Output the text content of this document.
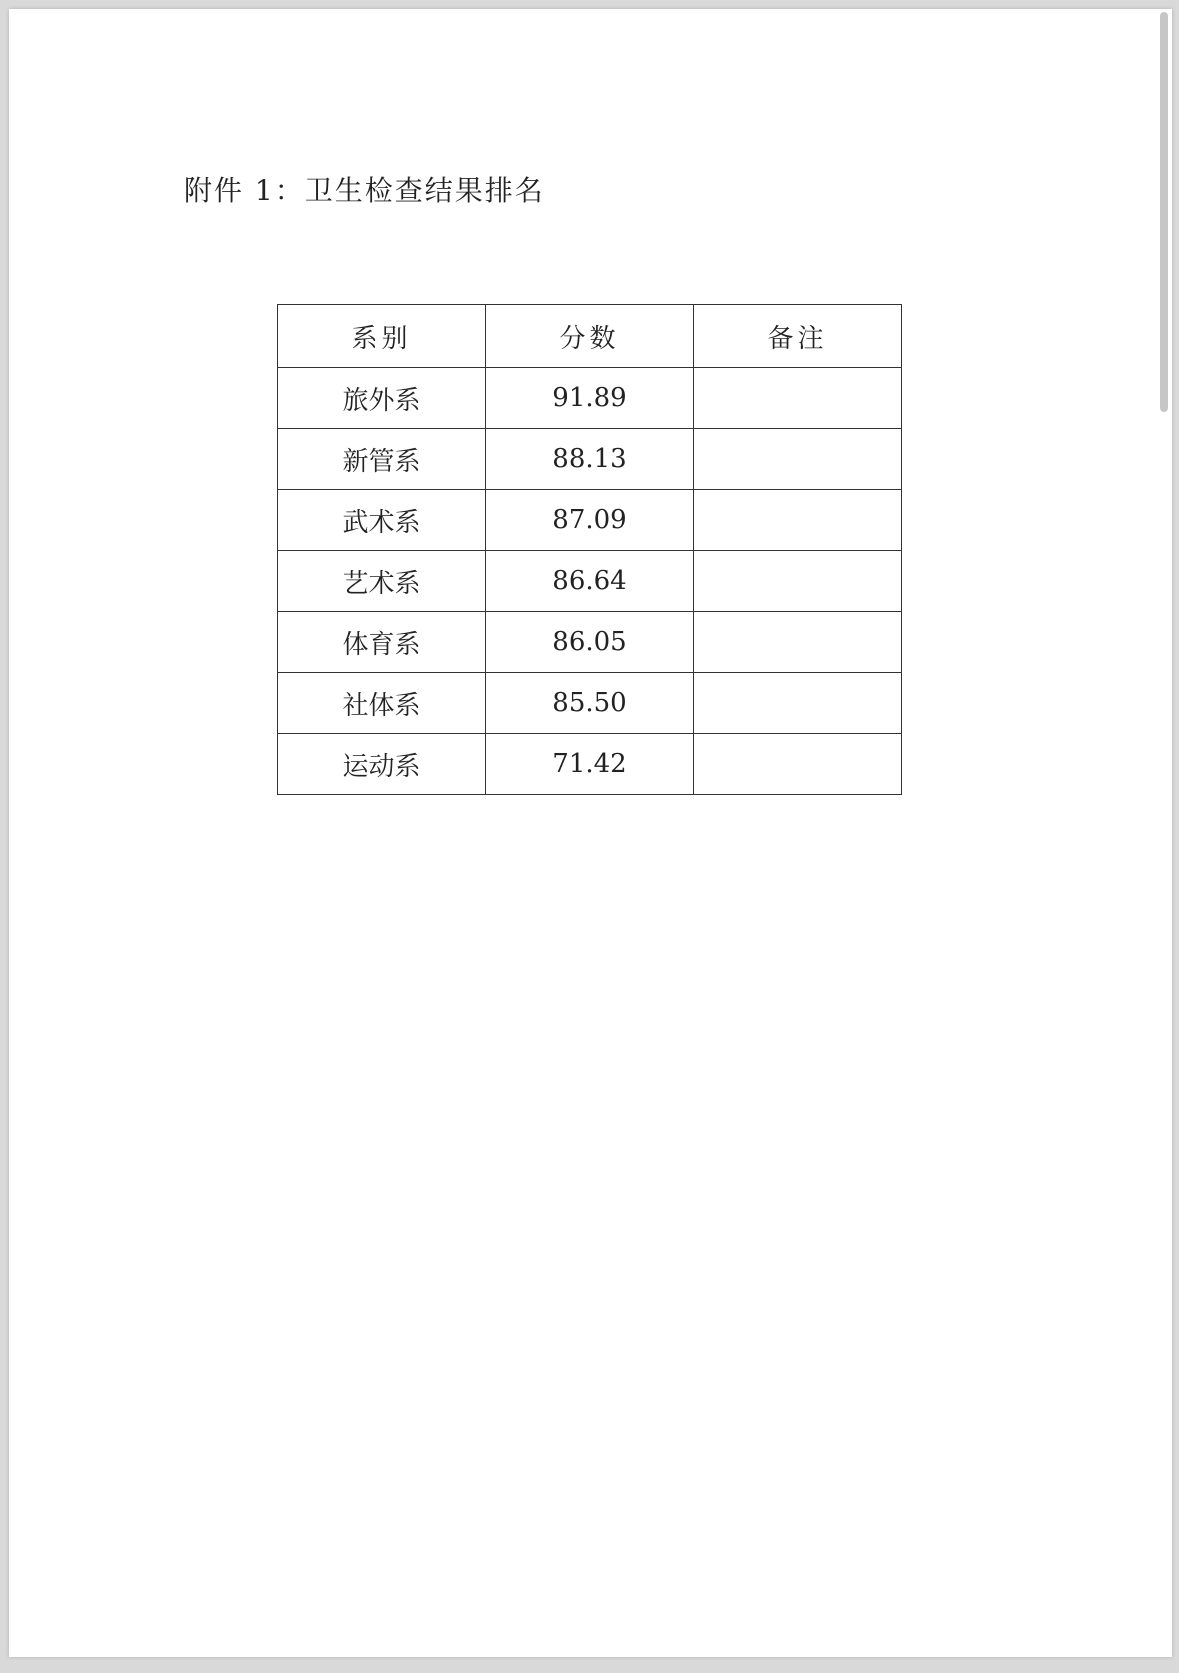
附件 1：卫生检查结果排名
系别	分数	备注
旅外系	91.89	
新管系	88.13	
武术系	87.09	
艺术系	86.64	
体育系	86.05	
社体系	85.50	
运动系	71.42	
